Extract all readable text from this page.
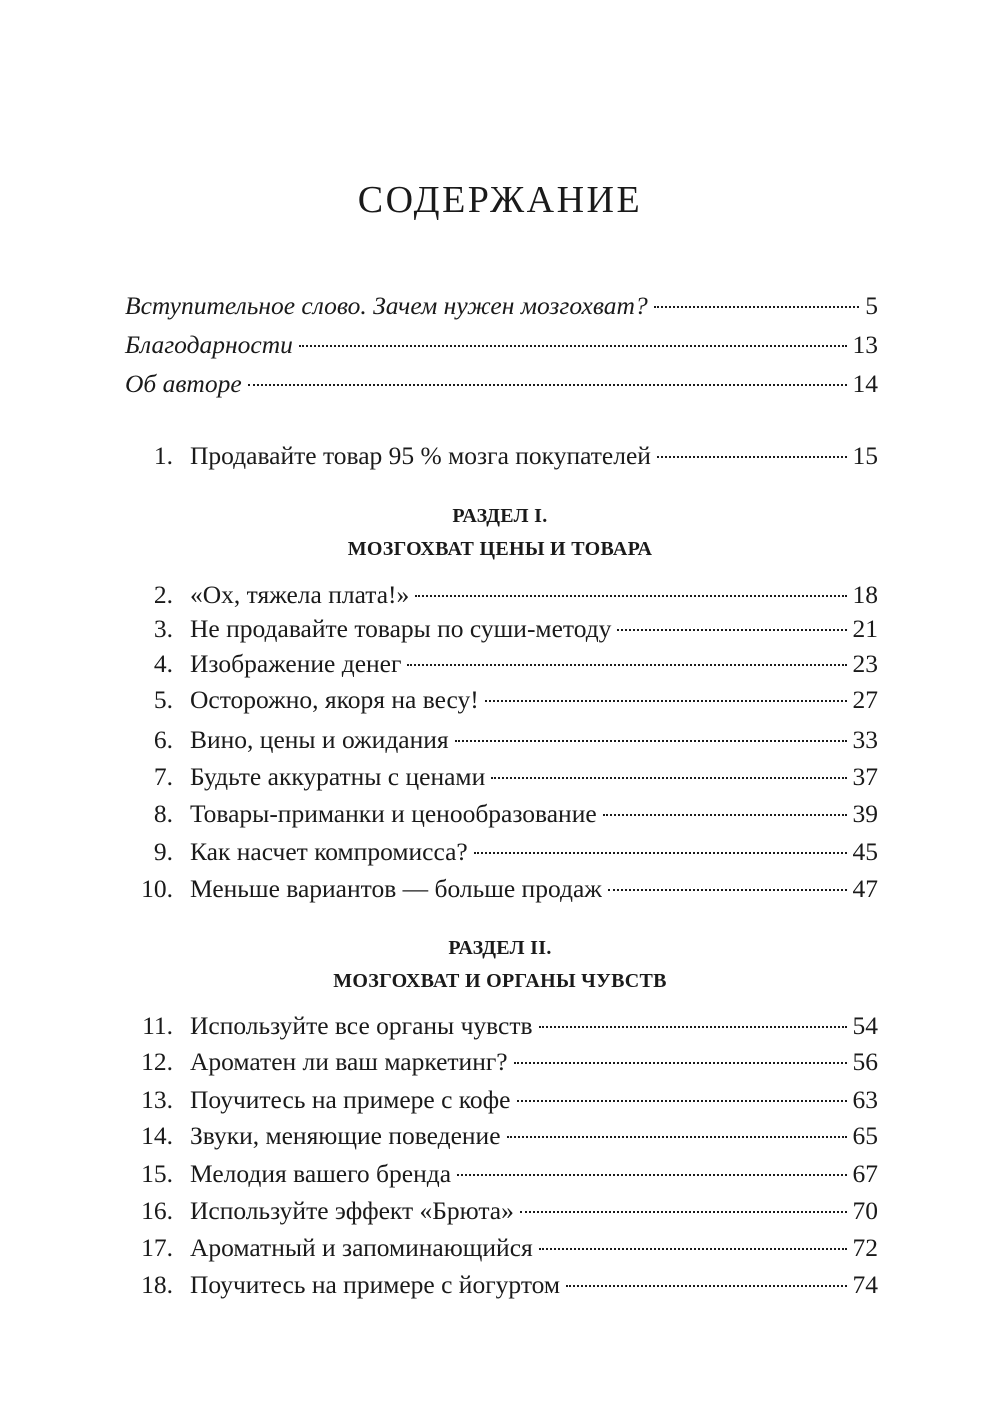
СОДЕРЖАНИЕ
Вступительное слово. Зачем нужен мозгохват?	5
Благодарности	13
Об авторе	14
1. Продавайте товар 95 % мозга покупателей	15
РАЗДЕЛ I.
МОЗГОХВАТ ЦЕНЫ И ТОВАРА
2. «Ох, тяжела плата!»	18
3. Не продавайте товары по суши-методу	21
4. Изображение денег	23
5. Осторожно, якоря на весу!	27
6. Вино, цены и ожидания	33
7. Будьте аккуратны с ценами	37
8. Товары-приманки и ценообразование	39
9. Как насчет компромисса?	45
10. Меньше вариантов — больше продаж	47
РАЗДЕЛ II.
МОЗГОХВАТ И ОРГАНЫ ЧУВСТВ
11. Используйте все органы чувств	54
12. Ароматен ли ваш маркетинг?	56
13. Поучитесь на примере с кофе	63
14. Звуки, меняющие поведение	65
15. Мелодия вашего бренда	67
16. Используйте эффект «Брюта»	70
17. Ароматный и запоминающийся	72
18. Поучитесь на примере с йогуртом	74
